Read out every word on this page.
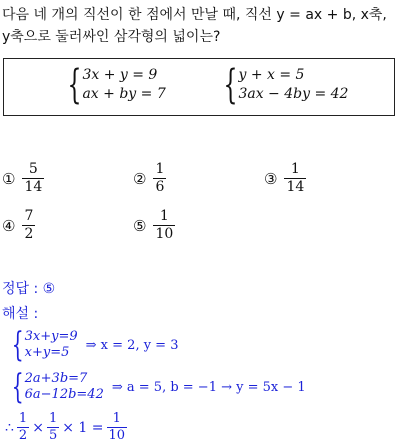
다음 네 개의 직선이 한 점에서 만날 때, 직선 y = ax + b, x축,
y축으로 둘러싸인 삼각형의 넓이는?
{ 3x + y = 9
ax + by = 7 { y + x = 5
3ax − 4by = 42
① $\frac{5}{14}$	② $\frac{1}{6}$	③ $\frac{1}{14}$
④ $\frac{7}{2}$	⑤ $\frac{1}{10}$
정답 : ⑤
해설 :
{ 3x+y=9
x+y=5	⇒ x = 2, y = 3
{ 2a+3b=7
6a−12b=42 ⇒ a = 5, b = −1 → y = 5x − 1
∴ $\frac{1}{2} \times \frac{1}{5} \times 1 = \frac{1}{10}$
